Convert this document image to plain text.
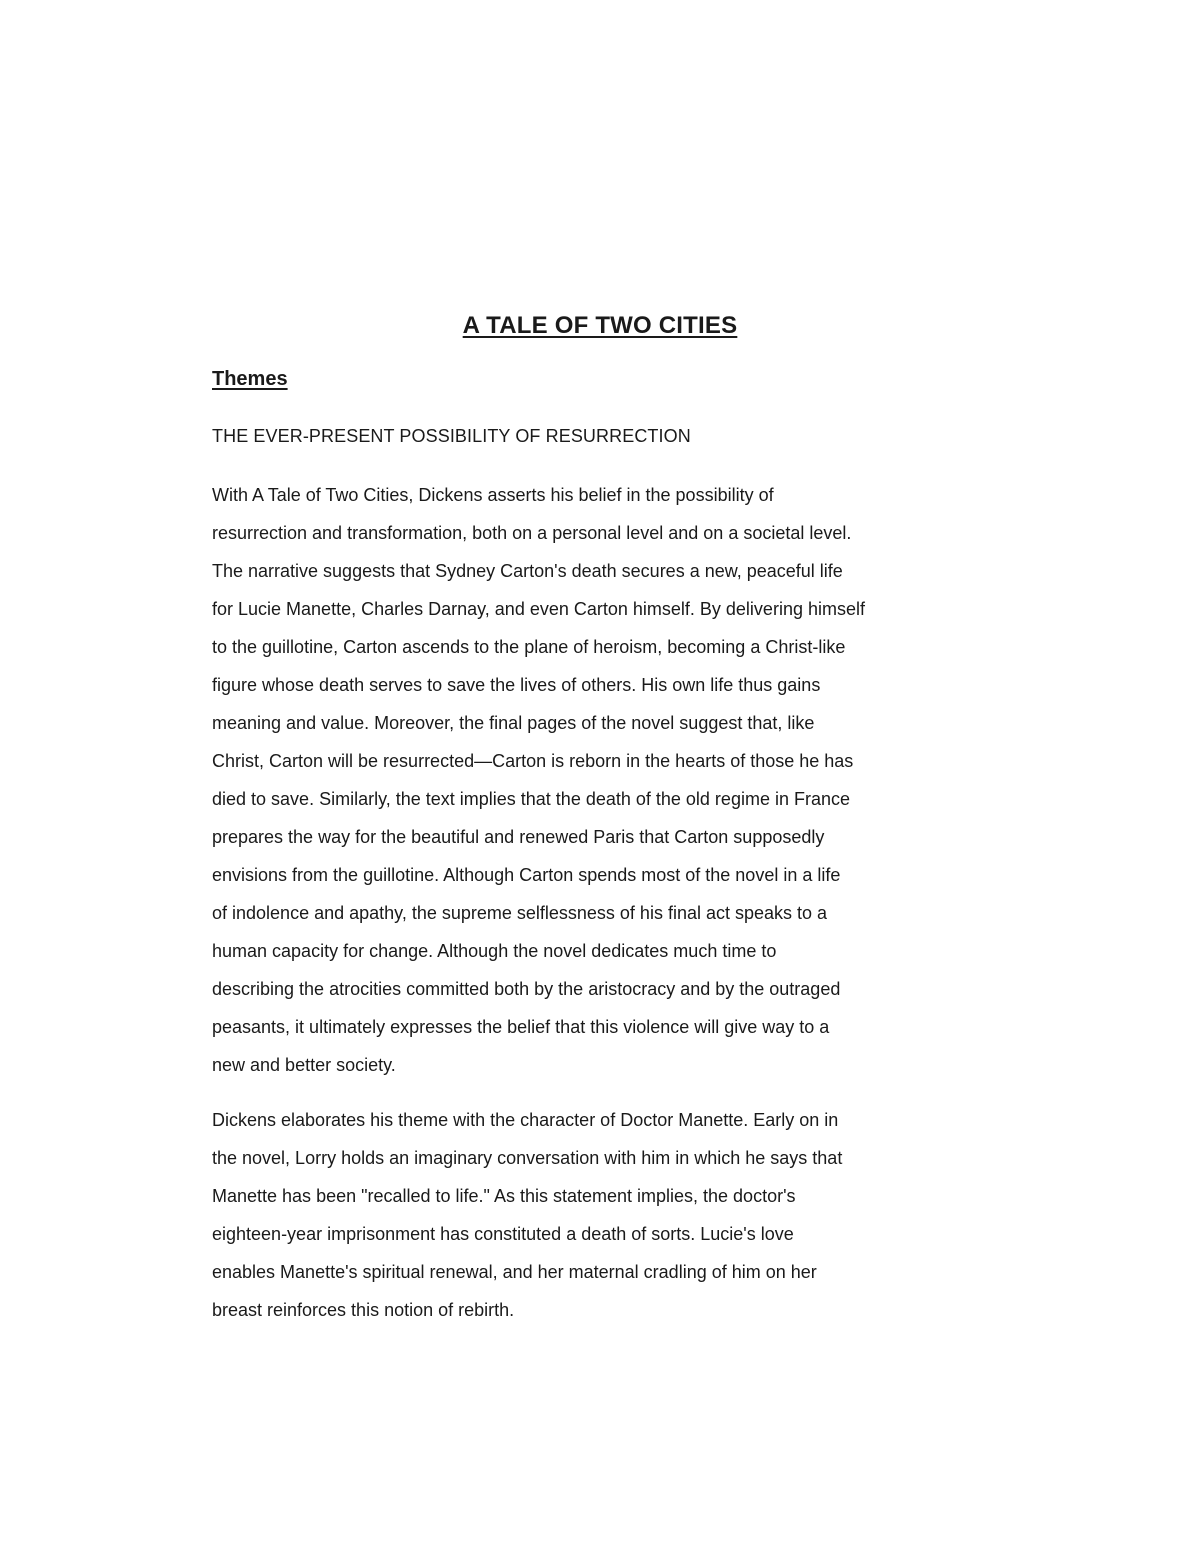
A TALE OF TWO CITIES
Themes
THE EVER-PRESENT POSSIBILITY OF RESURRECTION

With A Tale of Two Cities, Dickens asserts his belief in the possibility of
resurrection and transformation, both on a personal level and on a societal level.
The narrative suggests that Sydney Carton's death secures a new, peaceful life
for Lucie Manette, Charles Darnay, and even Carton himself. By delivering himself
to the guillotine, Carton ascends to the plane of heroism, becoming a Christ-like
figure whose death serves to save the lives of others. His own life thus gains
meaning and value. Moreover, the final pages of the novel suggest that, like
Christ, Carton will be resurrected—Carton is reborn in the hearts of those he has
died to save. Similarly, the text implies that the death of the old regime in France
prepares the way for the beautiful and renewed Paris that Carton supposedly
envisions from the guillotine. Although Carton spends most of the novel in a life
of indolence and apathy, the supreme selflessness of his final act speaks to a
human capacity for change. Although the novel dedicates much time to
describing the atrocities committed both by the aristocracy and by the outraged
peasants, it ultimately expresses the belief that this violence will give way to a
new and better society.

Dickens elaborates his theme with the character of Doctor Manette. Early on in
the novel, Lorry holds an imaginary conversation with him in which he says that
Manette has been "recalled to life." As this statement implies, the doctor's
eighteen-year imprisonment has constituted a death of sorts. Lucie's love
enables Manette's spiritual renewal, and her maternal cradling of him on her
breast reinforces this notion of rebirth.
